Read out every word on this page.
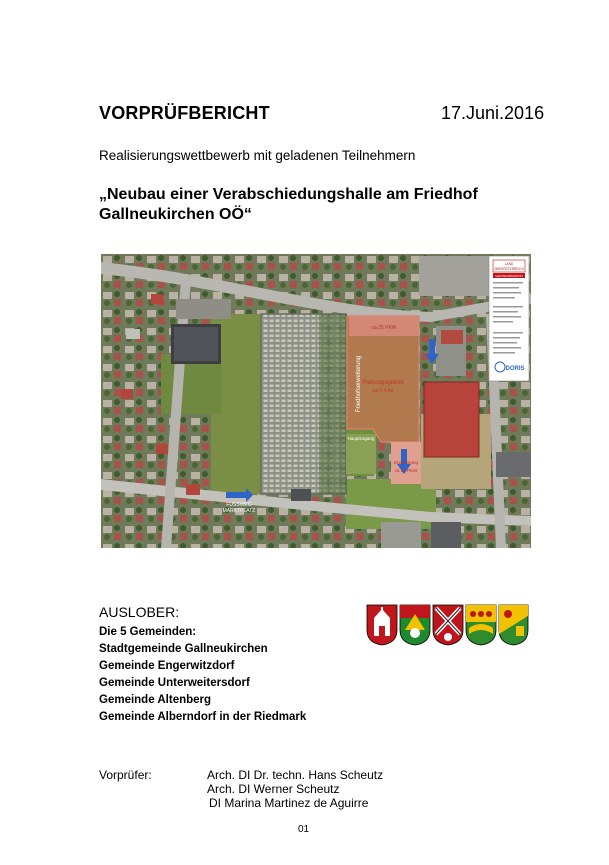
VORPRÜFBERICHT	17.Juni.2016
Realisierungswettbewerb mit geladenen Teilnehmern
„Neubau einer Verabschiedungshalle am Friedhof
Gallneukirchen OÖ“
ca 25 PKW
Friedhofserweiterung Planungsgebiet
ca 0,4 ha
Hauptzugang
Erweiterung
ca 20 PKW
FUSSWEG
MARKTPLATZ
LAND
OBERÖSTERREICH
GEOINFORMATION
DORIS
AUSLOBER:
Die 5 Gemeinden:
Stadtgemeinde Gallneukirchen
Gemeinde Engerwitzdorf
Gemeinde Unterweitersdorf
Gemeinde Altenberg
Gemeinde Alberndorf in der Riedmark
Vorprüfer:	Arch. DI Dr. techn. Hans Scheutz
Arch. DI Werner Scheutz
DI Marina Martinez de Aguirre
01
